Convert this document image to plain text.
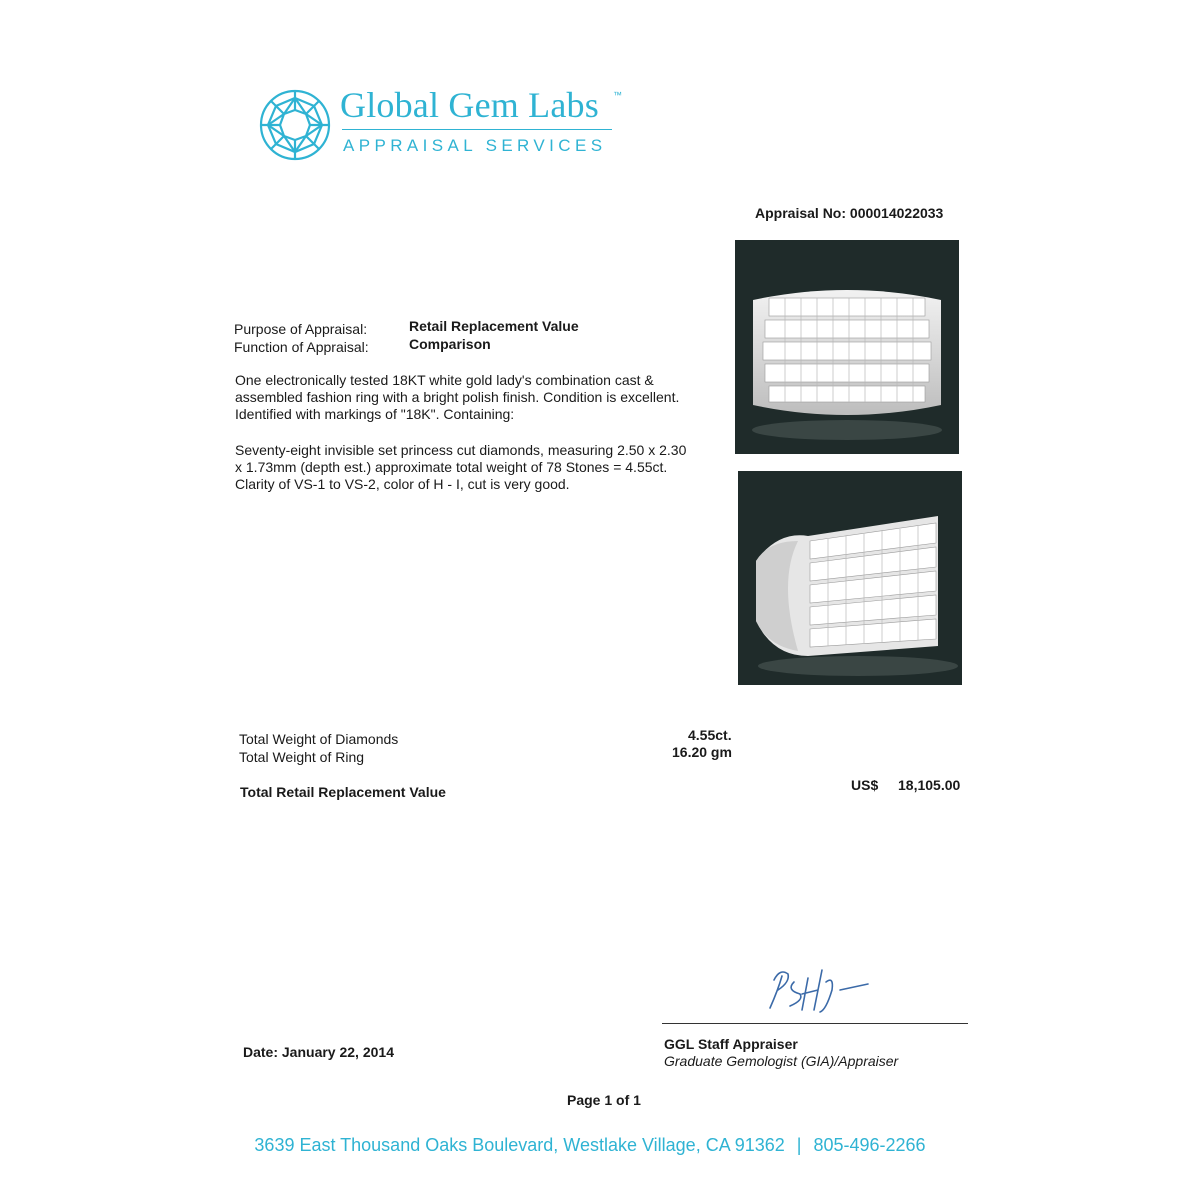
Global Gem Labs ™
APPRAISAL SERVICES
Appraisal No: 000014022033
Purpose of Appraisal:	Retail Replacement Value
Function of Appraisal:	Comparison
One electronically tested 18KT white gold lady's combination cast & assembled fashion ring with a bright polish finish. Condition is excellent. Identified with markings of "18K". Containing:
Seventy-eight invisible set princess cut diamonds, measuring 2.50 x 2.30 x 1.73mm (depth est.) approximate total weight of 78 Stones = 4.55ct. Clarity of VS-1 to VS-2, color of H - I, cut is very good.
Total Weight of Diamonds	4.55ct.
Total Weight of Ring	16.20 gm
Total Retail Replacement Value	US$ 18,105.00
GGL Staff Appraiser
Graduate Gemologist (GIA)/Appraiser
Date: January 22, 2014
Page 1 of 1
3639 East Thousand Oaks Boulevard, Westlake Village, CA 91362 | 805-496-2266
